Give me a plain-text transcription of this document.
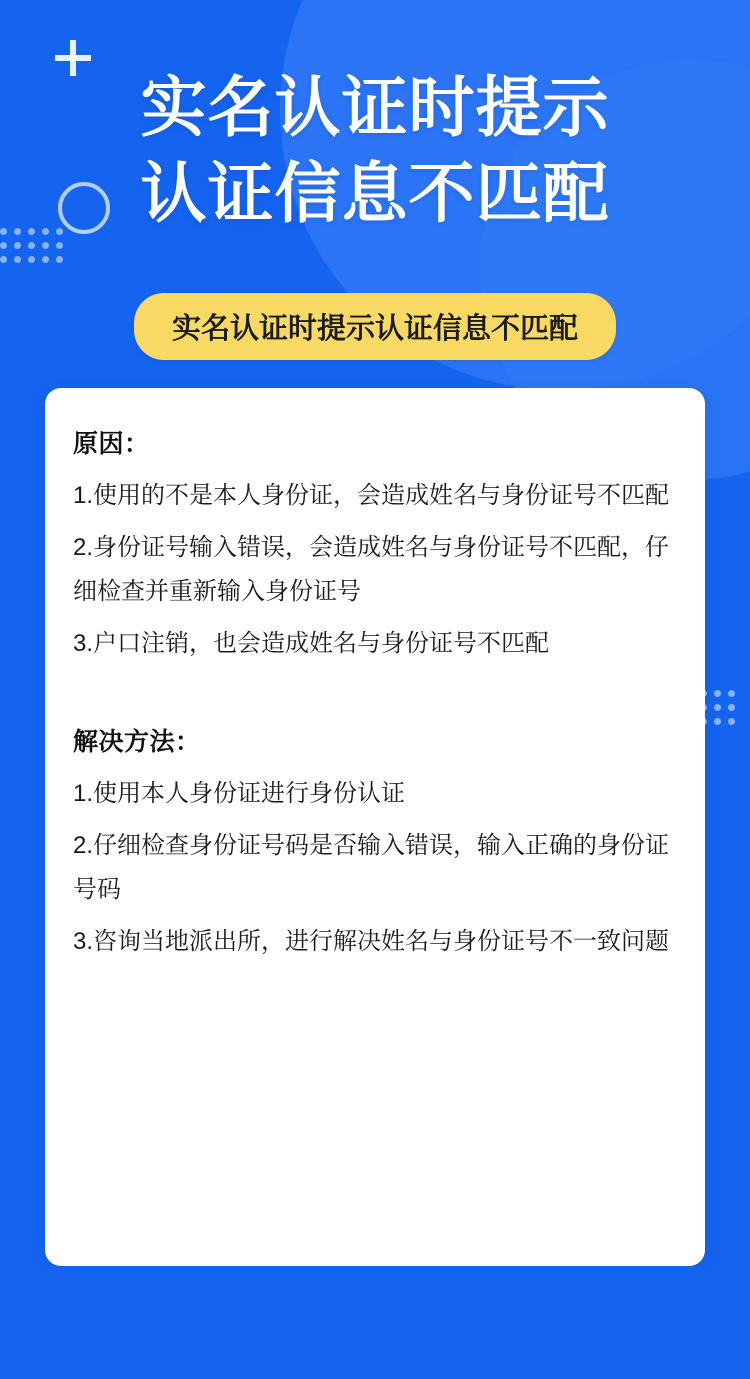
实名认证时提示
认证信息不匹配
实名认证时提示认证信息不匹配
原因：

1.使用的不是本人身份证，会造成姓名与身份证号不匹配

2.身份证号输入错误，会造成姓名与身份证号不匹配，仔细检查并重新输入身份证号

3.户口注销，也会造成姓名与身份证号不匹配

解决方法：

1.使用本人身份证进行身份认证

2.仔细检查身份证号码是否输入错误，输入正确的身份证号码

3.咨询当地派出所，进行解决姓名与身份证号不一致问题
